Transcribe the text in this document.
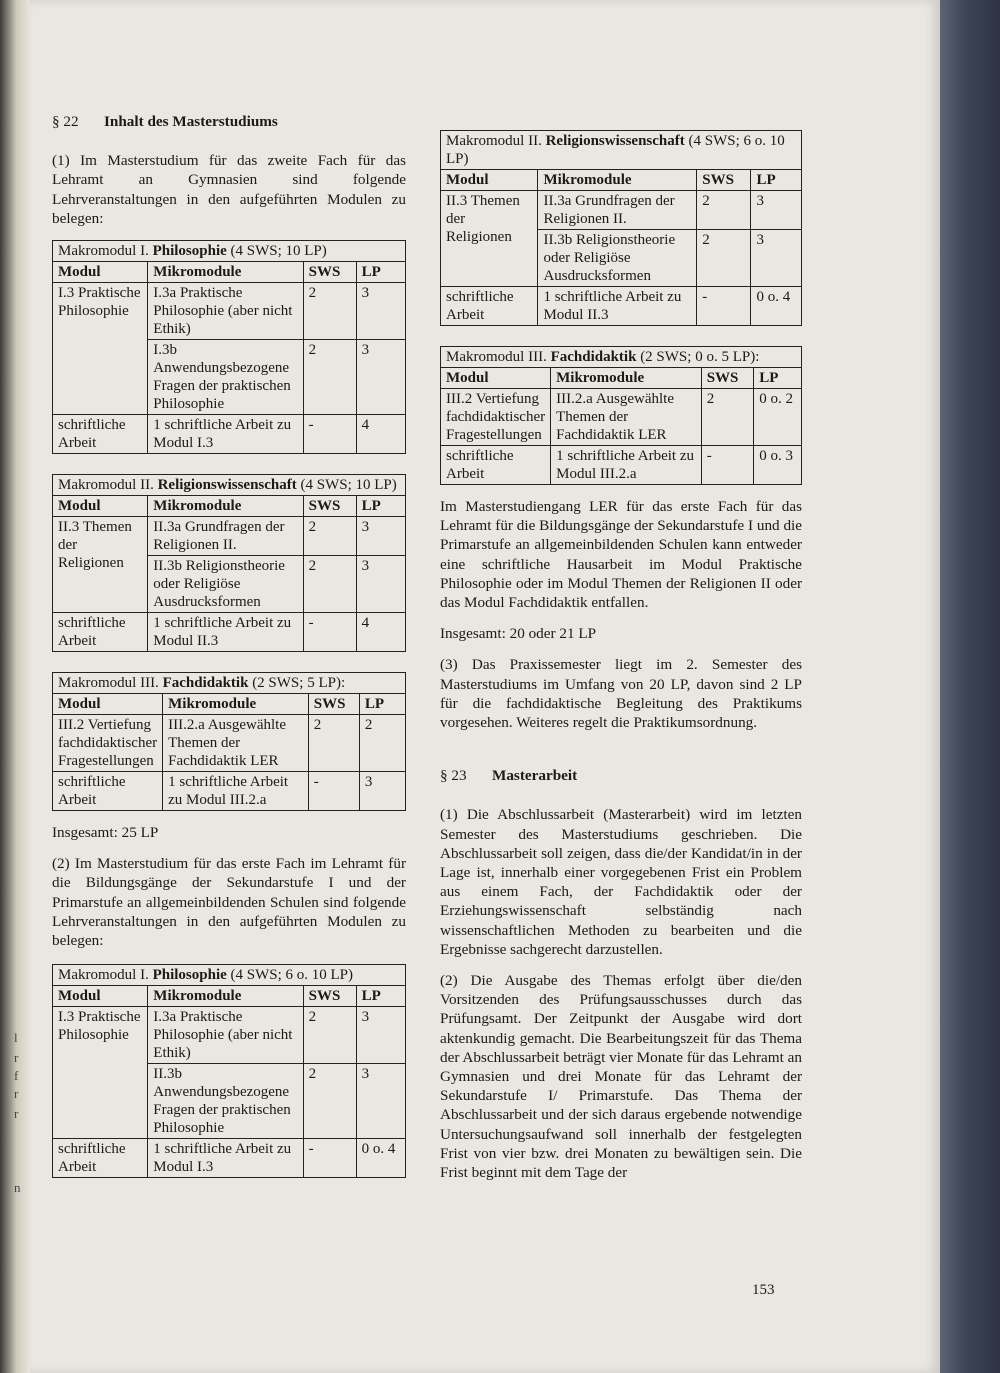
l
r
f
r
r
n
§ 22 Inhalt des Masterstudiums

(1) Im Masterstudium für das zweite Fach für das Lehramt an Gymnasien sind folgende Lehrveranstaltungen in den aufgeführten Modulen zu belegen:

Makromodul I. Philosophie (4 SWS; 10 LP)			
Modul	Mikromodule	SWS	LP
I.3 Praktische Philosophie	I.3a Praktische Philosophie (aber nicht Ethik)	2	3
	I.3b Anwendungsbezogene Fragen der praktischen Philosophie	2	3
schriftliche Arbeit	1 schriftliche Arbeit zu Modul I.3	-	4
Makromodul II. Religionswissenschaft (4 SWS; 10 LP)			
Modul	Mikromodule	SWS	LP
II.3 Themen der Religionen	II.3a Grundfragen der Religionen II.	2	3
	II.3b Religionstheorie oder Religiöse Ausdrucksformen	2	3
schriftliche Arbeit	1 schriftliche Arbeit zu Modul II.3	-	4
Makromodul III. Fachdidaktik (2 SWS; 5 LP):			
Modul	Mikromodule	SWS	LP
III.2 Vertiefung fachdidaktischer Fragestellungen	III.2.a Ausgewählte Themen der Fachdidaktik LER	2	2
schriftliche Arbeit	1 schriftliche Arbeit zu Modul III.2.a	-	3

Insgesamt: 25 LP

(2) Im Masterstudium für das erste Fach im Lehramt für die Bildungsgänge der Sekundarstufe I und der Primarstufe an allgemeinbildenden Schulen sind folgende Lehrveranstaltungen in den aufgeführten Modulen zu belegen:

Makromodul I. Philosophie (4 SWS; 6 o. 10 LP)			
Modul	Mikromodule	SWS	LP
I.3 Praktische Philosophie	I.3a Praktische Philosophie (aber nicht Ethik)	2	3
	II.3b Anwendungsbezogene Fragen der praktischen Philosophie	2	3
schriftliche Arbeit	1 schriftliche Arbeit zu Modul I.3	-	0 o. 4
Makromodul II. Religionswissenschaft (4 SWS; 6 o. 10 LP)			
Modul	Mikromodule	SWS	LP
II.3 Themen der Religionen	II.3a Grundfragen der Religionen II.	2	3
	II.3b Religionstheorie oder Religiöse Ausdrucksformen	2	3
schriftliche Arbeit	1 schriftliche Arbeit zu Modul II.3	-	0 o. 4
Makromodul III. Fachdidaktik (2 SWS; 0 o. 5 LP):			
Modul	Mikromodule	SWS	LP
III.2 Vertiefung fachdidaktischer Fragestellungen	III.2.a Ausgewählte Themen der Fachdidaktik LER	2	0 o. 2
schriftliche Arbeit	1 schriftliche Arbeit zu Modul III.2.a	-	0 o. 3

Im Masterstudiengang LER für das erste Fach für das Lehramt für die Bildungsgänge der Sekundarstufe I und die Primarstufe an allgemeinbildenden Schulen kann entweder eine schriftliche Hausarbeit im Modul Praktische Philosophie oder im Modul Themen der Religionen II oder das Modul Fachdidaktik entfallen.

Insgesamt: 20 oder 21 LP

(3) Das Praxissemester liegt im 2. Semester des Masterstudiums im Umfang von 20 LP, davon sind 2 LP für die fachdidaktische Begleitung des Praktikums vorgesehen. Weiteres regelt die Praktikumsordnung.

§ 23 Masterarbeit

(1) Die Abschlussarbeit (Masterarbeit) wird im letzten Semester des Masterstudiums geschrieben. Die Abschlussarbeit soll zeigen, dass die/der Kandidat/in in der Lage ist, innerhalb einer vorgegebenen Frist ein Problem aus einem Fach, der Fachdidaktik oder der Erziehungswissenschaft selbständig nach wissenschaftlichen Methoden zu bearbeiten und die Ergebnisse sachgerecht darzustellen.

(2) Die Ausgabe des Themas erfolgt über die/den Vorsitzenden des Prüfungsausschusses durch das Prüfungsamt. Der Zeitpunkt der Ausgabe wird dort aktenkundig gemacht. Die Bearbeitungszeit für das Thema der Abschlussarbeit beträgt vier Monate für das Lehramt an Gymnasien und drei Monate für das Lehramt der Sekundarstufe I/ Primarstufe. Das Thema der Abschlussarbeit und der sich daraus ergebende notwendige Untersuchungsaufwand soll innerhalb der festgelegten Frist von vier bzw. drei Monaten zu bewältigen sein. Die Frist beginnt mit dem Tage der

153
